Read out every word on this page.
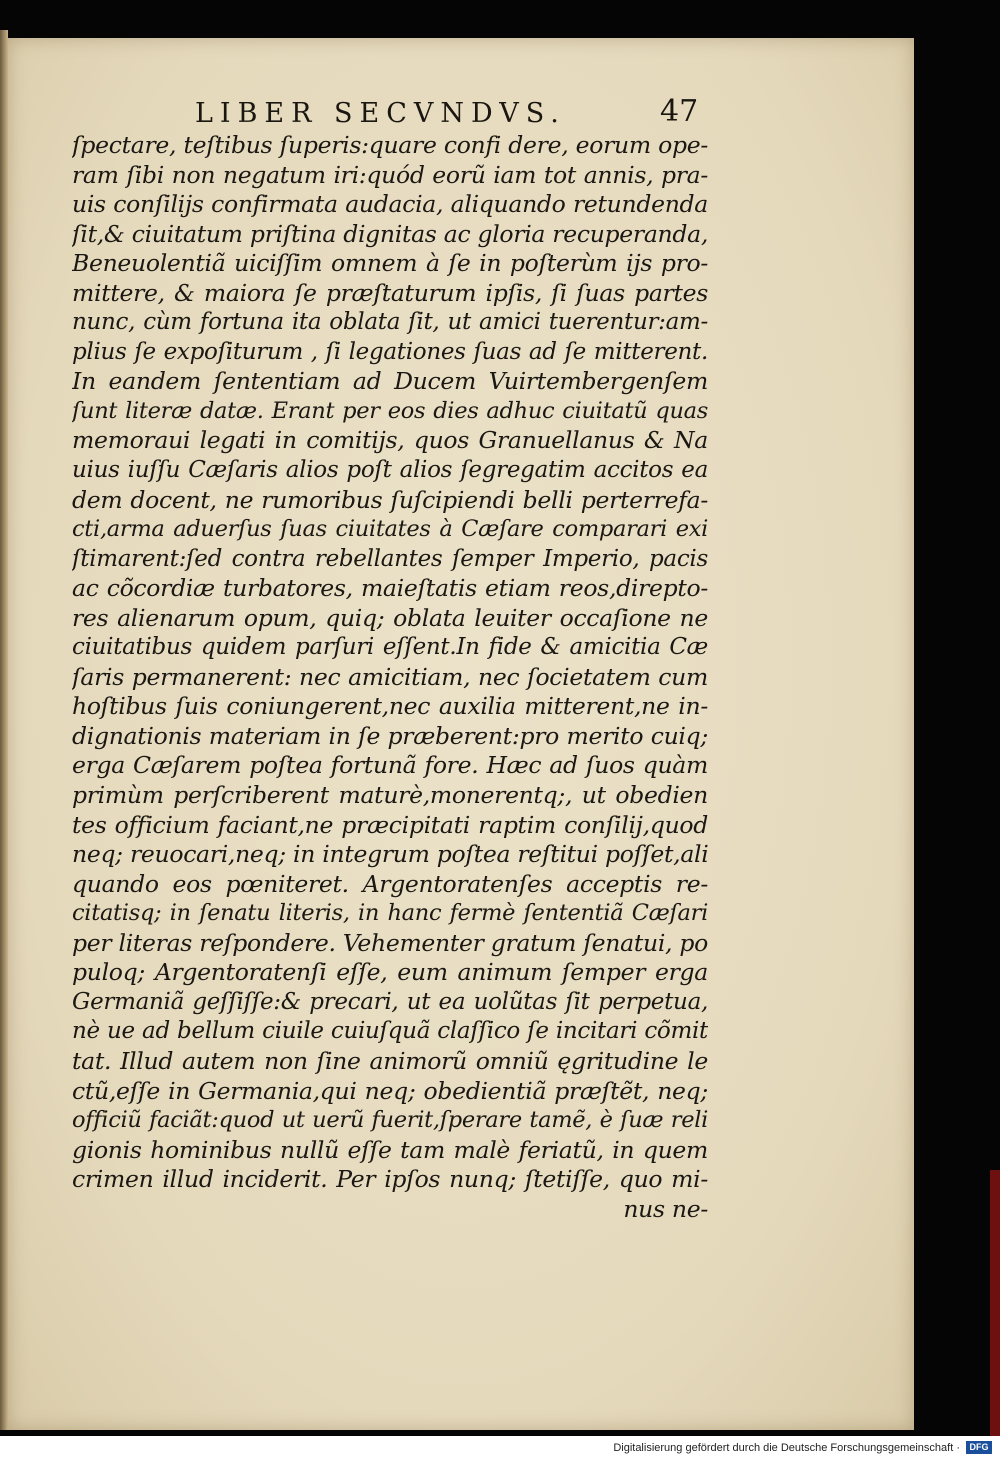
LIBER SECVNDVS.	47
ſpectare, teſtibus ſuperis:quare confi dere, eorum ope-
ram ſibi non negatum iri:quód eorũ iam tot annis, pra-
uis conſilijs confirmata audacia, aliquando retundenda
ſit,& ciuitatum priſtina dignitas ac gloria recuperanda,
Beneuolentiã uiciſſim omnem à ſe in poſterùm ijs pro-
mittere, & maiora ſe præſtaturum ipſis, ſi ſuas partes
nunc, cùm fortuna ita oblata ſit, ut amici tuerentur:am-
plius ſe expoſiturum , ſi legationes ſuas ad ſe mitterent.
In eandem ſententiam ad Ducem Vuirtembergenſem
ſunt literæ datæ. Erant per eos dies adhuc ciuitatũ quas
memoraui legati in comitijs, quos Granuellanus & Na
uius iuſſu Cæſaris alios poſt alios ſegregatim accitos ea
dem docent, ne rumoribus ſuſcipiendi belli perterrefa-
cti,arma aduerſus ſuas ciuitates à Cæſare comparari exi
ſtimarent:ſed contra rebellantes ſemper Imperio, pacis
ac cõcordiæ turbatores, maieſtatis etiam reos,direpto-
res alienarum opum, quiq; oblata leuiter occaſione ne
ciuitatibus quidem parſuri eſſent.In fide & amicitia Cæ
ſaris permanerent: nec amicitiam, nec ſocietatem cum
hoſtibus ſuis coniungerent,nec auxilia mitterent,ne in-
dignationis materiam in ſe præberent:pro merito cuiq;
erga Cæſarem poſtea fortunã fore. Hæc ad ſuos quàm
primùm perſcriberent maturè,monerentq;, ut obedien
tes officium faciant,ne præcipitati raptim conſilij,quod
neq; reuocari,neq; in integrum poſtea reſtitui poſſet,ali
quando eos pœniteret. Argentoratenſes acceptis re-
citatisq; in ſenatu literis, in hanc fermè ſententiã Cæſari
per literas reſpondere. Vehementer gratum ſenatui, po
puloq; Argentoratenſi eſſe, eum animum ſemper erga
Germaniã geſſiſſe:& precari, ut ea uolũtas ſit perpetua,
nè ue ad bellum ciuile cuiuſquã claſſico ſe incitari cõmit
tat. Illud autem non ſine animorũ omniũ ęgritudine le
ctũ,eſſe in Germania,qui neq; obedientiã præſtẽt, neq;
officiũ faciãt:quod ut uerũ fuerit,ſperare tamẽ, è ſuæ reli
gionis hominibus nullũ eſſe tam malè feriatũ, in quem
crimen illud inciderit. Per ipſos nunq; ſtetiſſe, quo mi-
nus ne-
Digitalisierung gefördert durch die Deutsche Forschungsgemeinschaft ·	DFG
